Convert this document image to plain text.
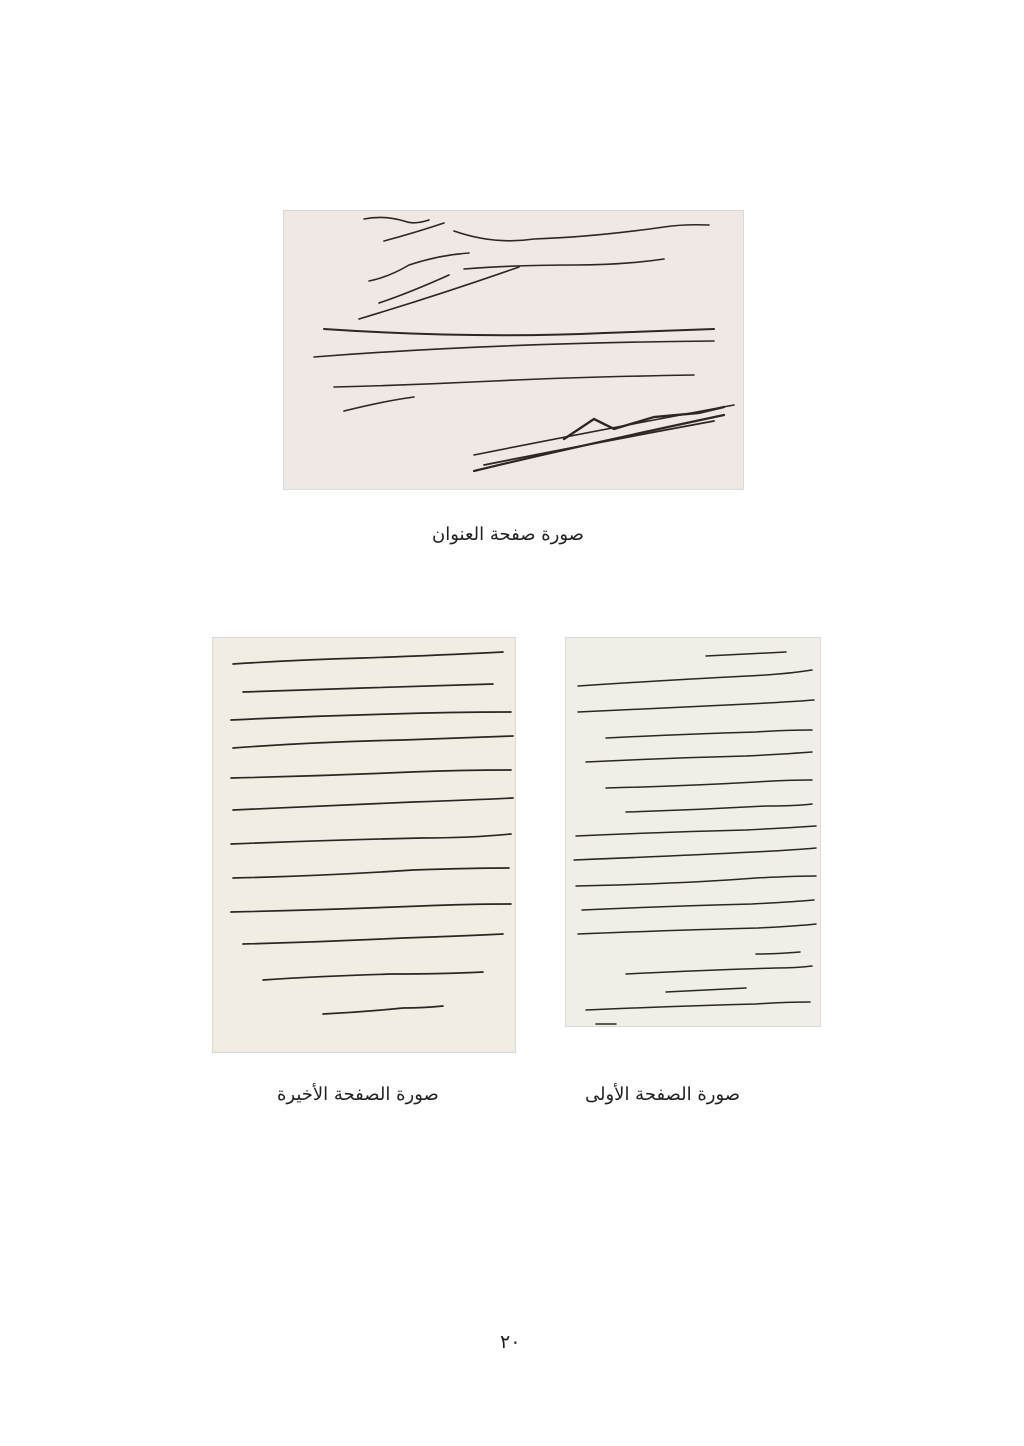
صورة صفحة العنوان
صورة الصفحة الأخيرة	صورة الصفحة الأولى
٢٠
